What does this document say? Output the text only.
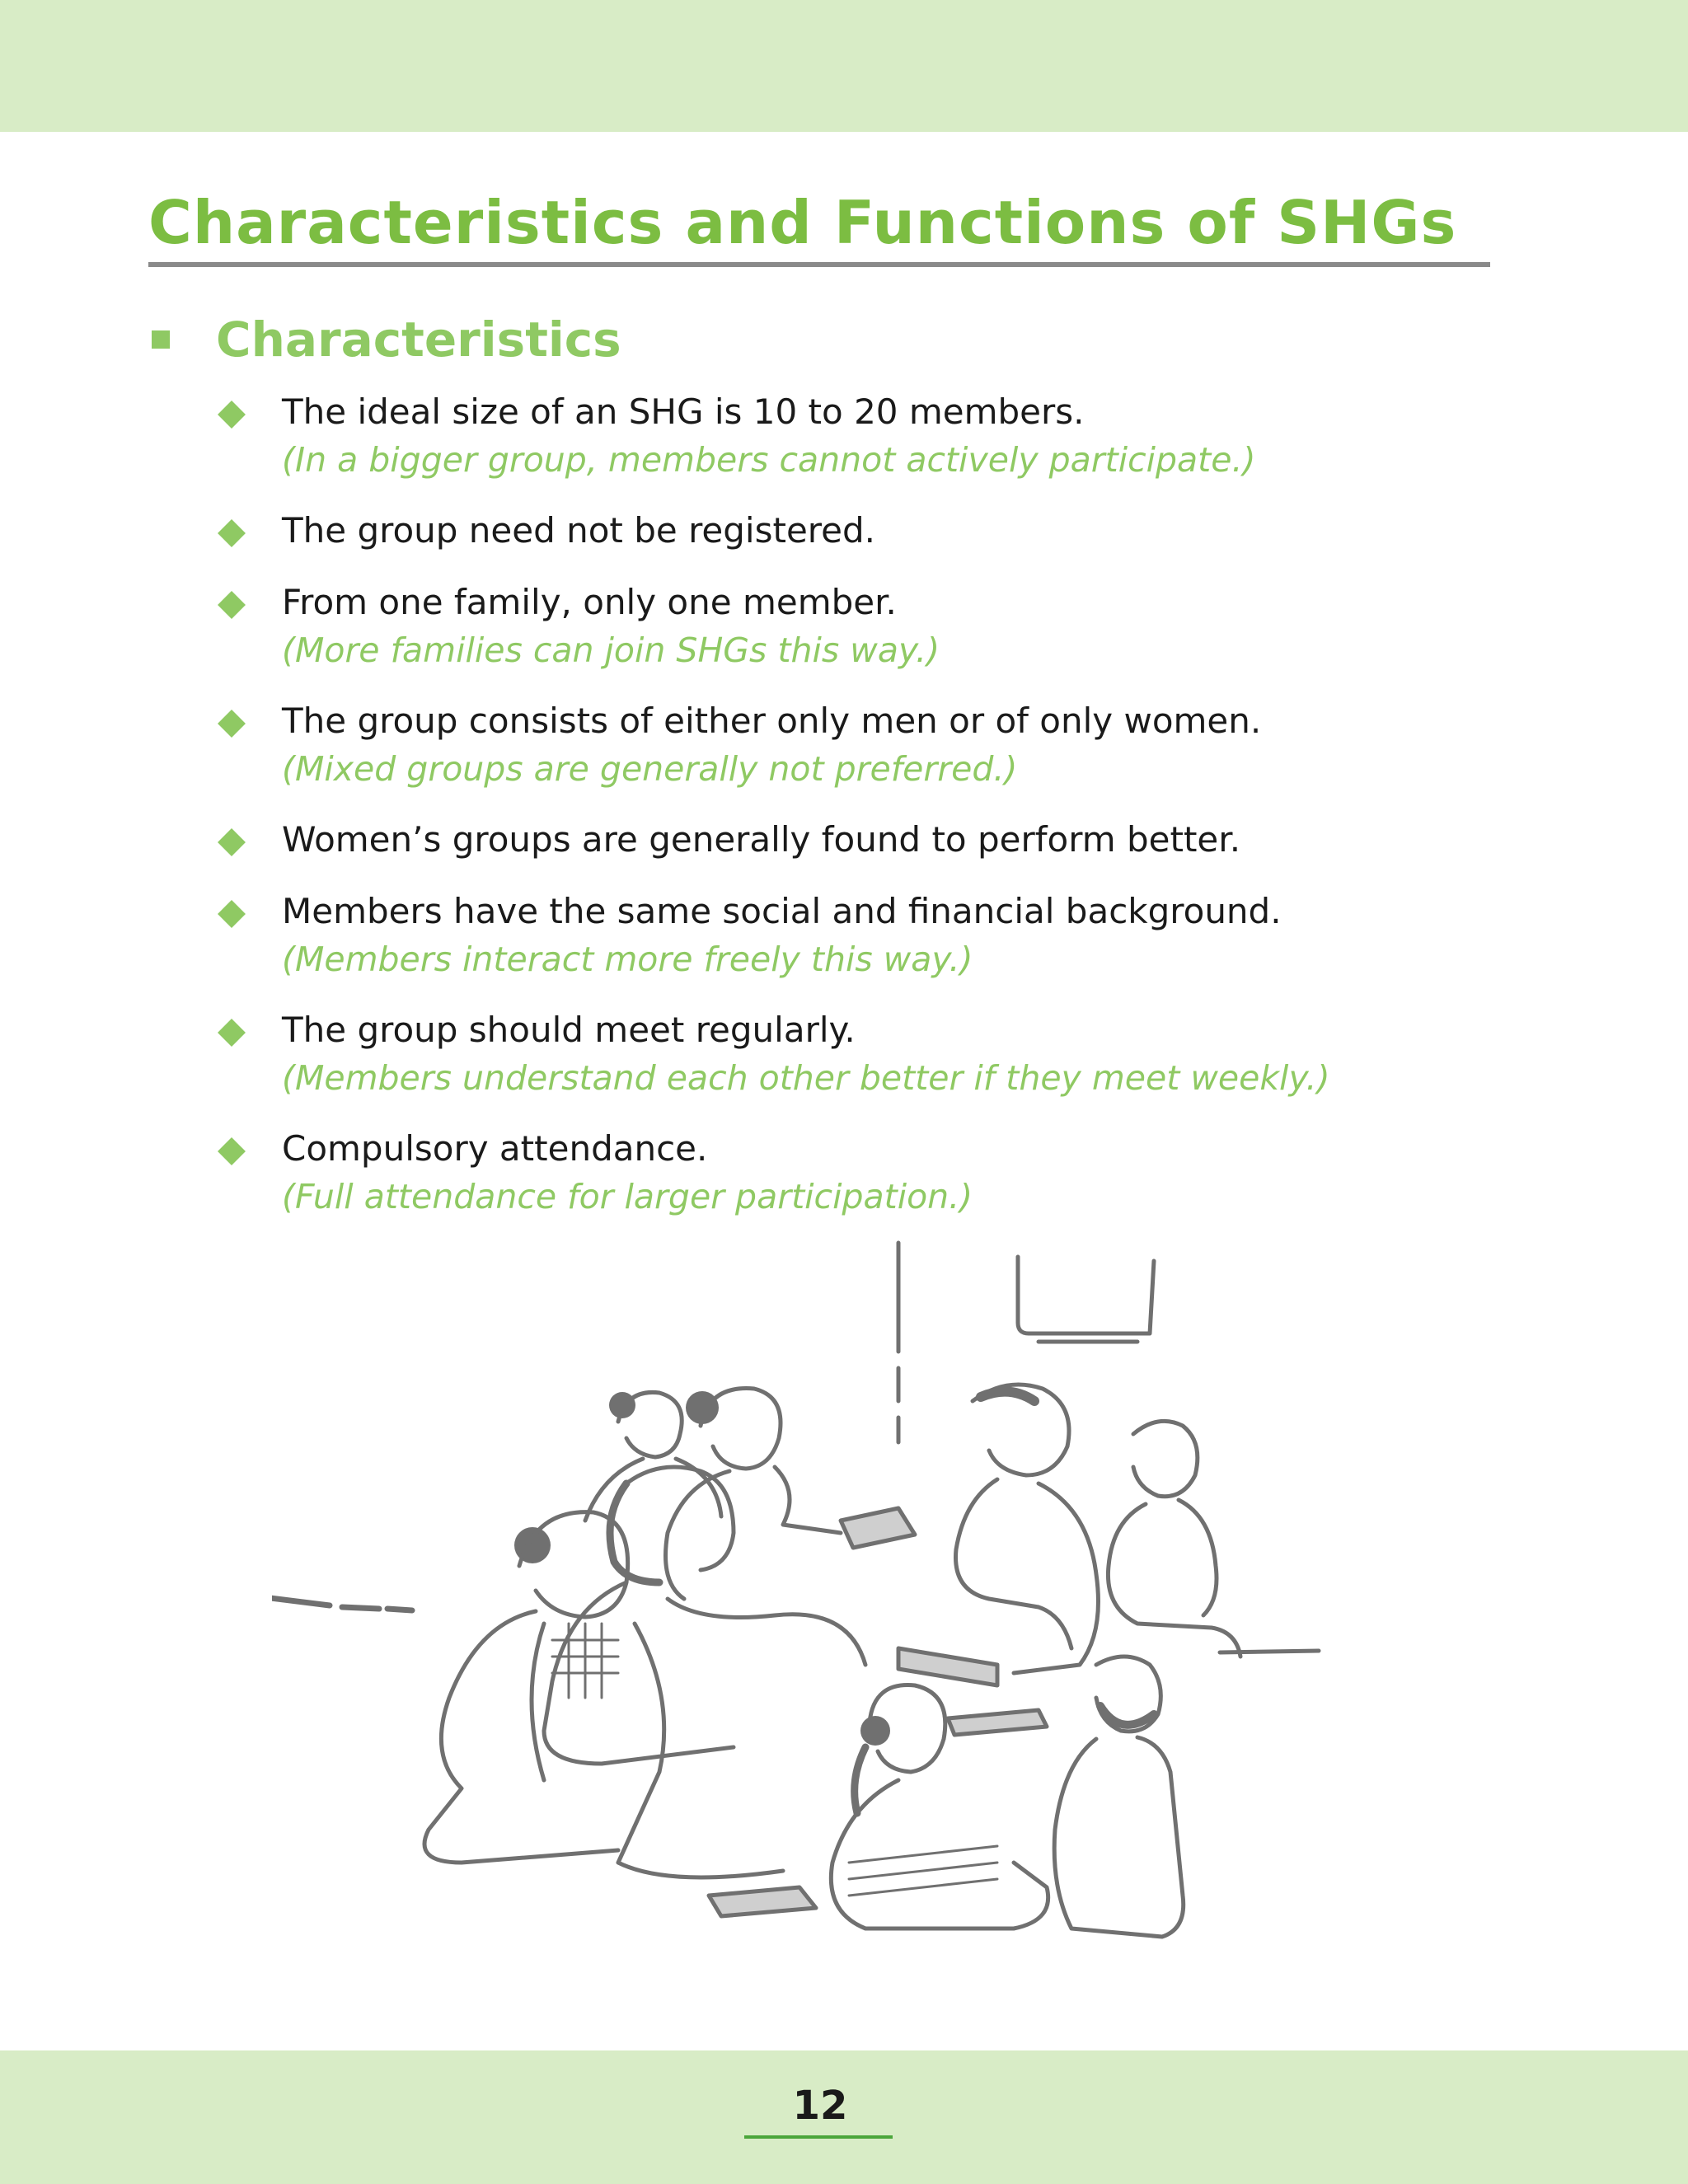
Characteristics and Functions of SHGs
Characteristics
The ideal size of an SHG is 10 to 20 members.
(In a bigger group, members cannot actively participate.)
The group need not be registered.
From one family, only one member.
(More families can join SHGs this way.)
The group consists of either only men or of only women.
(Mixed groups are generally not preferred.)
Women’s groups are generally found to perform better.
Members have the same social and financial background.
(Members interact more freely this way.)
The group should meet regularly.
(Members understand each other better if they meet weekly.)
Compulsory attendance.
(Full attendance for larger participation.)
12
